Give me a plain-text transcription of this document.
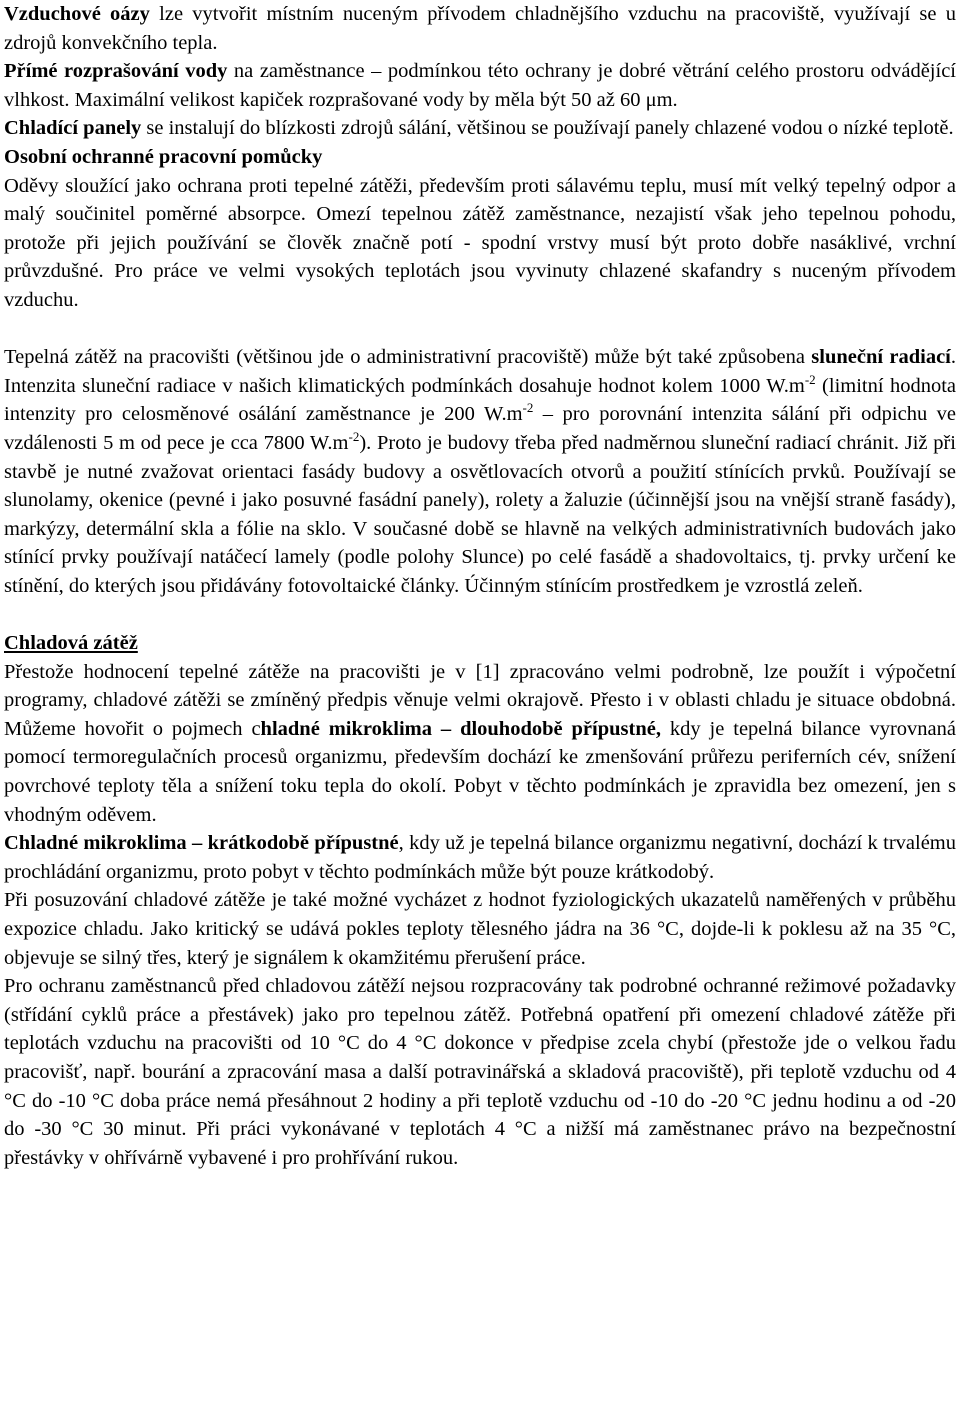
Vzduchové oázy lze vytvořit místním nuceným přívodem chladnějšího vzduchu na pracoviště, využívají se u zdrojů konvekčního tepla.

Přímé rozprašování vody na zaměstnance – podmínkou této ochrany je dobré větrání celého prostoru odvádějící vlhkost. Maximální velikost kapiček rozprašované vody by měla být 50 až 60 μm.

Chladící panely se instalují do blízkosti zdrojů sálání, většinou se používají panely chlazené vodou o nízké teplotě.

Osobní ochranné pracovní pomůcky

Oděvy sloužící jako ochrana proti tepelné zátěži, především proti sálavému teplu, musí mít velký tepelný odpor a malý součinitel poměrné absorpce. Omezí tepelnou zátěž zaměstnance, nezajistí však jeho tepelnou pohodu, protože při jejich používání se člověk značně potí - spodní vrstvy musí být proto dobře nasáklivé, vrchní průvzdušné. Pro práce ve velmi vysokých teplotách jsou vyvinuty chlazené skafandry s nuceným přívodem vzduchu.

Tepelná zátěž na pracovišti (většinou jde o administrativní pracoviště) může být také způsobena sluneční radiací. Intenzita sluneční radiace v našich klimatických podmínkách dosahuje hodnot kolem 1000 $W.m^{-2}$ (limitní hodnota intenzity pro celosměnové osálání zaměstnance je 200 $W.m^{-2}$ – pro porovnání intenzita sálání při odpichu ve vzdálenosti 5 m od pece je cca 7800 $W.m^{-2}$). Proto je budovy třeba před nadměrnou sluneční radiací chránit. Již při stavbě je nutné zvažovat orientaci fasády budovy a osvětlovacích otvorů a použití stínících prvků. Používají se slunolamy, okenice (pevné i jako posuvné fasádní panely), rolety a žaluzie (účinnější jsou na vnější straně fasády), markýzy, determální skla a fólie na sklo. V současné době se hlavně na velkých administrativních budovách jako stínící prvky používají natáčecí lamely (podle polohy Slunce) po celé fasádě a shadovoltaics, tj. prvky určení ke stínění, do kterých jsou přidávány fotovoltaické články. Účinným stínícím prostředkem je vzrostlá zeleň.

Chladová zátěž

Přestože hodnocení tepelné zátěže na pracovišti je v [1] zpracováno velmi podrobně, lze použít i výpočetní programy, chladové zátěži se zmíněný předpis věnuje velmi okrajově. Přesto i v oblasti chladu je situace obdobná. Můžeme hovořit o pojmech chladné mikroklima – dlouhodobě přípustné, kdy je tepelná bilance vyrovnaná pomocí termoregulačních procesů organizmu, především dochází ke zmenšování průřezu periferních cév, snížení povrchové teploty těla a snížení toku tepla do okolí. Pobyt v těchto podmínkách je zpravidla bez omezení, jen s vhodným oděvem.

Chladné mikroklima – krátkodobě přípustné, kdy už je tepelná bilance organizmu negativní, dochází k trvalému prochládání organizmu, proto pobyt v těchto podmínkách může být pouze krátkodobý.

Při posuzování chladové zátěže je také možné vycházet z hodnot fyziologických ukazatelů naměřených v průběhu expozice chladu. Jako kritický se udává pokles teploty tělesného jádra na 36 °C, dojde-li k poklesu až na 35 °C, objevuje se silný třes, který je signálem k okamžitému přerušení práce.

Pro ochranu zaměstnanců před chladovou zátěží nejsou rozpracovány tak podrobné ochranné režimové požadavky (střídání cyklů práce a přestávek) jako pro tepelnou zátěž. Potřebná opatření při omezení chladové zátěže při teplotách vzduchu na pracovišti od 10 °C do 4 °C dokonce v předpise zcela chybí (přestože jde o velkou řadu pracovišť, např. bourání a zpracování masa a další potravinářská a skladová pracoviště), při teplotě vzduchu od 4 °C do -10 °C doba práce nemá přesáhnout 2 hodiny a při teplotě vzduchu od -10 do -20 °C jednu hodinu a od -20 do -30 °C 30 minut. Při práci vykonávané v teplotách 4 °C a nižší má zaměstnanec právo na bezpečnostní přestávky v ohřívárně vybavené i pro prohřívání rukou.
